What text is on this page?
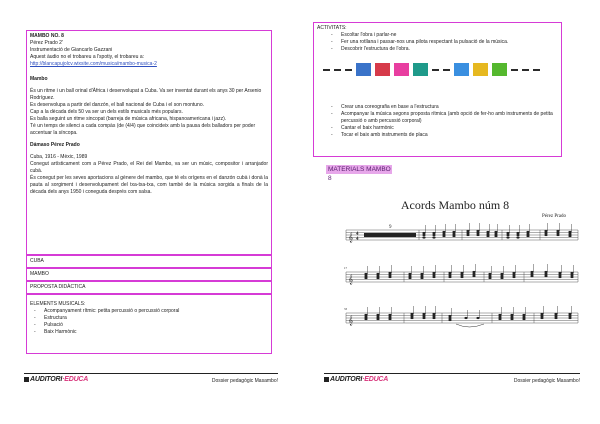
MAMBO NO. 8
Pérez Prado 2'
Instrumentació de Giancarlo Gazzani
Aquest àudio no el trobareu a l'spotiy, el trobareu a:
http://blancapujolcv.wixsite.com/musica/mambo-musica-2
Mambo
És un ritme i un ball orinal d'Àfrica i desenvolupat a Cuba. Va ser inventat durant els anys 30 per Arsenio Rodríguez.
Es desenvolupa a partir del danzón, el ball nacional de Cuba i el son montuno.
Cap a la dècada dels 50 va ser un dels estils musicals més populars.
Es balla seguint un ritme sincopat (barreja de música africana, hispanoamericana i jazz).
Té un temps de silenci a cada compàs (de (4/4) que coincideix amb la pausa dels balladors per poder accentuar la síncopa.
Dámaso Pérez Prado
Cuba, 1916 - Mèxic, 1989
Conegut artísticament com a Pérez Prado, el Rei del Mambo, va ser un músic, compositor i arranjador cubà.
És conegut per les seves aportacions al gènere del mambo, que té els orígens en el danzón cubà i donà la pauta al sorgiment i desenvolupament del txa-txa-txa, com també de la música sorgida a finals de la dècada dels anys 1950 i coneguda després com salsa.
CUBA
MAMBO
PROPOSTA DIDÀCTICA
ELEMENTS MUSICALS:
- Acompanyament rítmic: petita percussió o percussió corporal
- Estructura
- Pulsació
- Baix Harmònic
AUDITORI·EDUCA	Dossier pedagògic Masambo!
ACTIVITATS:
- Escoltar l'obra i parlar-ne
- Fer una rotllana i passar-nos una pilota respectant la pulsació de la música.
- Descobrir l'estructura de l'obra.
- Crear una coreografia en base a l'estructura
- Acompanyar la música segons proposta rítmica (amb opció de fer-ho amb instruments de petita percussió o amb percussió corporal)
- Cantar el baix harmònic
- Tocar el baix amb instruments de placa
MATERIALS MAMBO 8
Acords Mambo núm 8
Pérez Prado
𝄞
𝄞
𝄞
4
4
9
17
33
AUDITORI·EDUCA	Dossier pedagògic Masambo!
